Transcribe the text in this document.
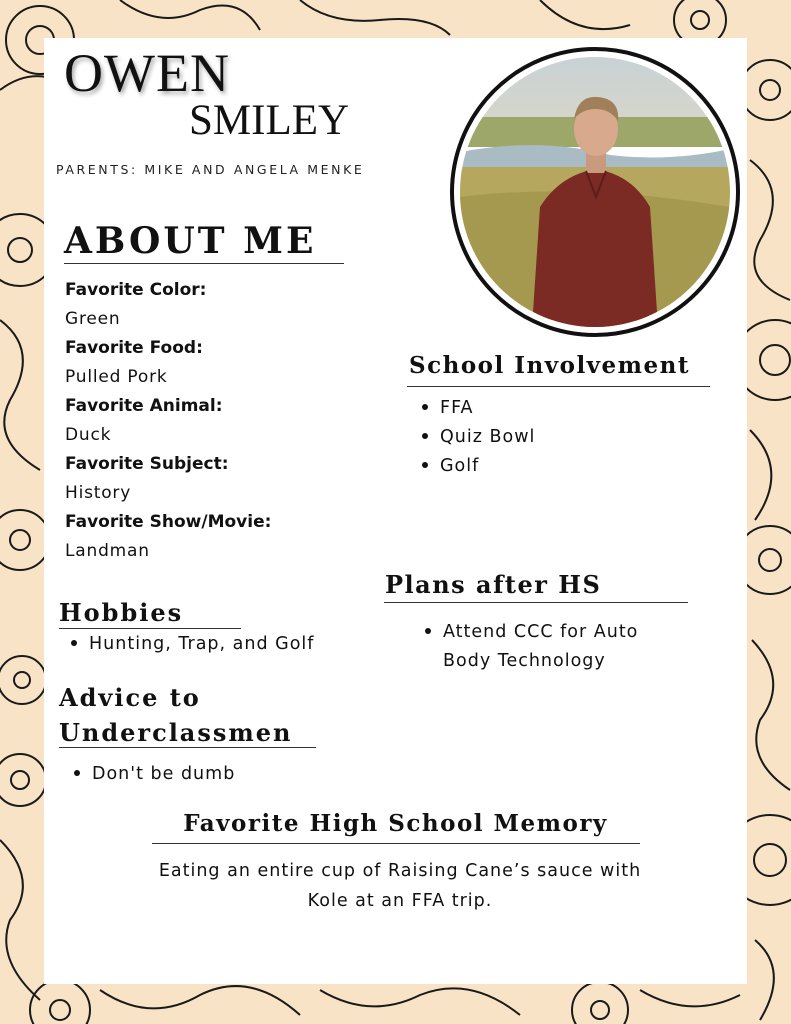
OWEN
SMILEY
PARENTS: MIKE AND ANGELA MENKE
ABOUT ME
Favorite Color:
Green
Favorite Food:
Pulled Pork
Favorite Animal:
Duck
Favorite Subject:
History
Favorite Show/Movie:
Landman
School Involvement
FFA
Quiz Bowl
Golf
Plans after HS
Attend CCC for Auto Body Technology
Hobbies
Hunting, Trap, and Golf
Advice to
Underclassmen
Don't be dumb
Favorite High School Memory
Eating an entire cup of Raising Cane’s sauce with Kole at an FFA trip.
